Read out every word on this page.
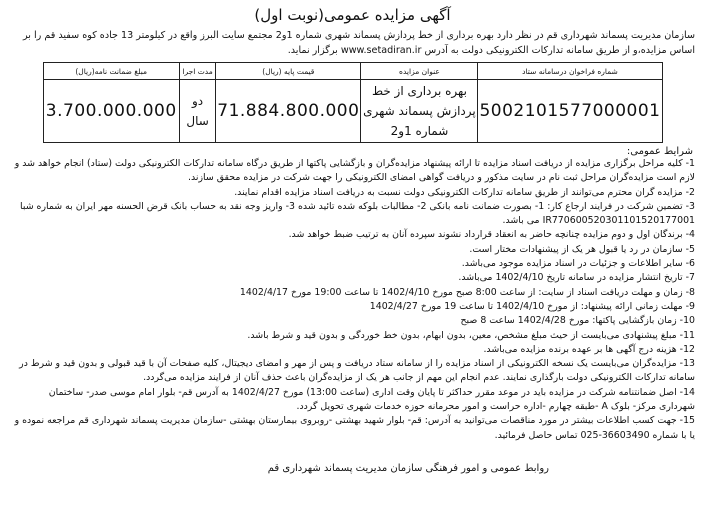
آگهی مزایده عمومی(نوبت اول)
سازمان مدیریت پسماند شهرداری قم در نظر دارد بهره برداری از خط پردازش پسماند شهری شماره 1و2 مجتمع سایت البرز واقع در کیلومتر 13 جاده کوه سفید قم را بر اساس مزایده،و از طریق سامانه تدارکات الکترونیکی دولت به آدرس www.setadiran.ir برگزار نماید.
شماره فراخوان درسامانه ستاد	عنوان مزایده	قیمت پایه (ریال)	مدت اجرا	مبلغ ضمانت نامه(ریال)
5002101577000001	بهره برداری از خط پردازش پسماند شهری شماره 1و2	71.884.800.000	دو سال	3.700.000.000
شرایط عمومی:

1- کلیه مراحل برگزاری مزایده از دریافت اسناد مزایده تا ارائه پیشنهاد مزایده‌گران و بازگشایی پاکتها از طریق درگاه سامانه تدارکات الکترونیکی دولت (ستاد) انجام خواهد شد و لازم است مزایده‌گران مراحل ثبت نام در سایت مذکور و دریافت گواهی امضای الکترونیکی را جهت شرکت در مزایده محقق سازند.

2- مزایده گران محترم می‌توانند از طریق سامانه تدارکات الکترونیکی دولت نسبت به دریافت اسناد مزایده اقدام نمایند.

3- تضمین شرکت در فرایند ارجاع کار: 1- بصورت ضمانت نامه بانکی 2- مطالبات بلوکه شده تائید شده 3- واریز وجه نقد به حساب بانک قرض الحسنه مهر ایران به شماره شبا IR770600520301101520177001 می باشد.

4- برندگان اول و دوم مزایده چنانچه حاضر به انعقاد قرارداد نشوند سپرده آنان به ترتیب ضبط خواهد شد.

5- سازمان در رد یا قبول هر یک از پیشنهادات مختار است.

6- سایر اطلاعات و جزئیات در اسناد مزایده موجود می‌باشد.

7- تاریخ انتشار مزایده در سامانه تاریخ 1402/4/10 می‌باشد.

8- زمان و مهلت دریافت اسناد از سایت: از ساعت 8:00 صبح مورخ 1402/4/10 تا ساعت 19:00 مورخ 1402/4/17

9- مهلت زمانی ارائه پیشنهاد: از مورخ 1402/4/10 تا ساعت 19 مورخ 1402/4/27

10- زمان بازگشایی پاکتها: مورخ 1402/4/28 ساعت 8 صبح

11- مبلغ پیشنهادی می‌بایست از حیث مبلغ مشخص، معین، بدون ابهام، بدون خط خوردگی و بدون قید و شرط باشد.

12- هزینه درج آگهی ها بر عهده برنده مزایده می‌باشد.

13- مزایده‌گران می‌بایست یک نسخه الکترونیکی از اسناد مزایده را از سامانه ستاد دریافت و پس از مهر و امضای دیجیتال، کلیه صفحات آن با قید قبولی و بدون قید و شرط در سامانه تدارکات الکترونیکی دولت بارگذاری نمایند. عدم انجام این مهم از جانب هر یک از مزایده‌گران باعث حذف آنان از فرایند مزایده می‌گردد.

14- اصل ضمانتنامه شرکت در مزایده باید در موعد مقرر حداکثر تا پایان وقت اداری (ساعت 13:00) مورخ 1402/4/27 به آدرس قم- بلوار امام موسی صدر- ساختمان شهرداری مرکز- بلوک A -طبقه چهارم -اداره حراست و امور محرمانه حوزه خدمات شهری تحویل گردد.

15- جهت کسب اطلاعات بیشتر در مورد مناقصات می‌توانید به آدرس: قم- بلوار شهید بهشتی -روبروی بیمارستان بهشتی -سازمان مدیریت پسماند شهرداری قم مراجعه نموده و یا با شماره 36603490-025 تماس حاصل فرمائید.

روابط عمومی و امور فرهنگی سازمان مدیریت پسماند شهرداری قم
